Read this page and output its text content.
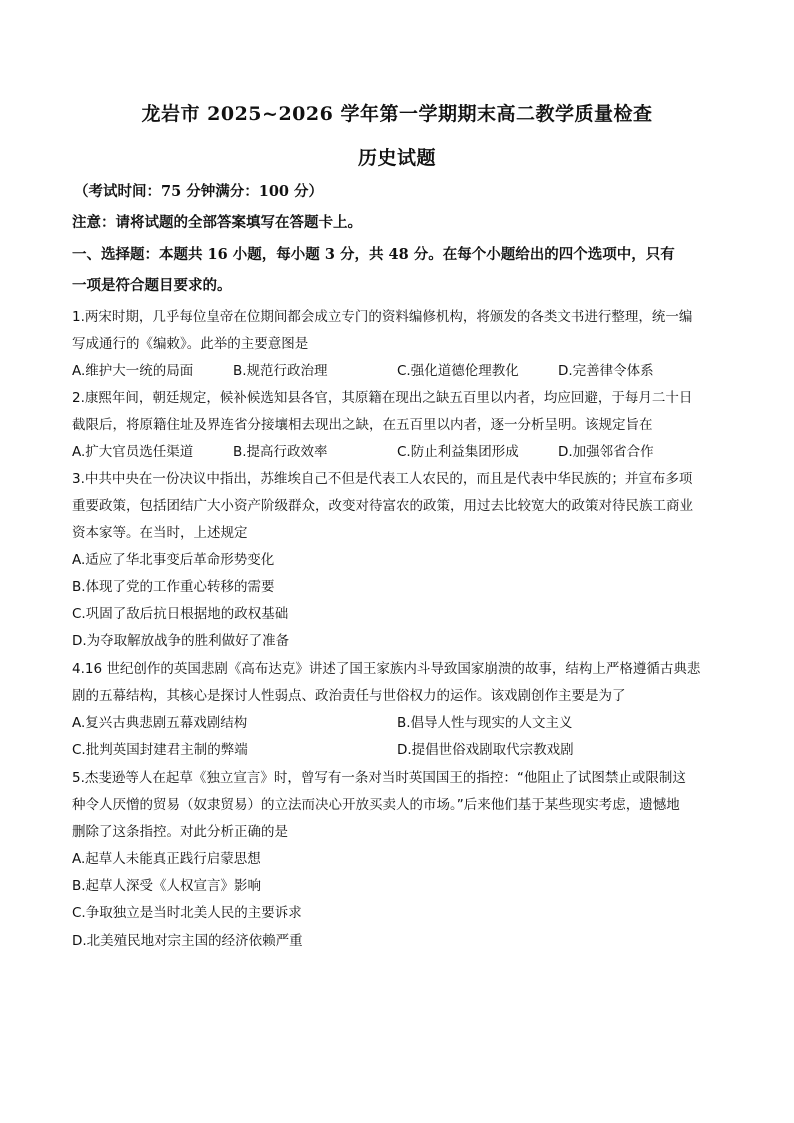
龙岩市 2025~2026 学年第一学期期末高二教学质量检查
历史试题
（考试时间：75 分钟满分：100 分）
注意：请将试题的全部答案填写在答题卡上。
一、选择题：本题共 16 小题，每小题 3 分，共 48 分。在每个小题给出的四个选项中，只有
一项是符合题目要求的。
1.两宋时期，几乎每位皇帝在位期间都会成立专门的资料编修机构，将颁发的各类文书进行整理，统一编
写成通行的《编敕》。此举的主要意图是
A.维护大一统的局面	B.规范行政治理	C.强化道德伦理教化	D.完善律令体系
2.康熙年间，朝廷规定，候补候选知县各官，其原籍在现出之缺五百里以内者，均应回避，于每月二十日
截限后，将原籍住址及界连省分接壤相去现出之缺，在五百里以内者，逐一分析呈明。该规定旨在
A.扩大官员选任渠道	B.提高行政效率	C.防止利益集团形成	D.加强邻省合作
3.中共中央在一份决议中指出，苏维埃自己不但是代表工人农民的，而且是代表中华民族的；并宣布多项
重要政策，包括团结广大小资产阶级群众，改变对待富农的政策，用过去比较宽大的政策对待民族工商业
资本家等。在当时，上述规定
A.适应了华北事变后革命形势变化
B.体现了党的工作重心转移的需要
C.巩固了敌后抗日根据地的政权基础
D.为夺取解放战争的胜利做好了准备
4.16 世纪创作的英国悲剧《高布达克》讲述了国王家族内斗导致国家崩溃的故事，结构上严格遵循古典悲
剧的五幕结构，其核心是探讨人性弱点、政治责任与世俗权力的运作。该戏剧创作主要是为了
A.复兴古典悲剧五幕戏剧结构	B.倡导人性与现实的人文主义
C.批判英国封建君主制的弊端	D.提倡世俗戏剧取代宗教戏剧
5.杰斐逊等人在起草《独立宣言》时，曾写有一条对当时英国国王的指控：“他阻止了试图禁止或限制这
种令人厌憎的贸易（奴隶贸易）的立法而决心开放买卖人的市场。”后来他们基于某些现实考虑，遗憾地
删除了这条指控。对此分析正确的是
A.起草人未能真正践行启蒙思想
B.起草人深受《人权宣言》影响
C.争取独立是当时北美人民的主要诉求
D.北美殖民地对宗主国的经济依赖严重
